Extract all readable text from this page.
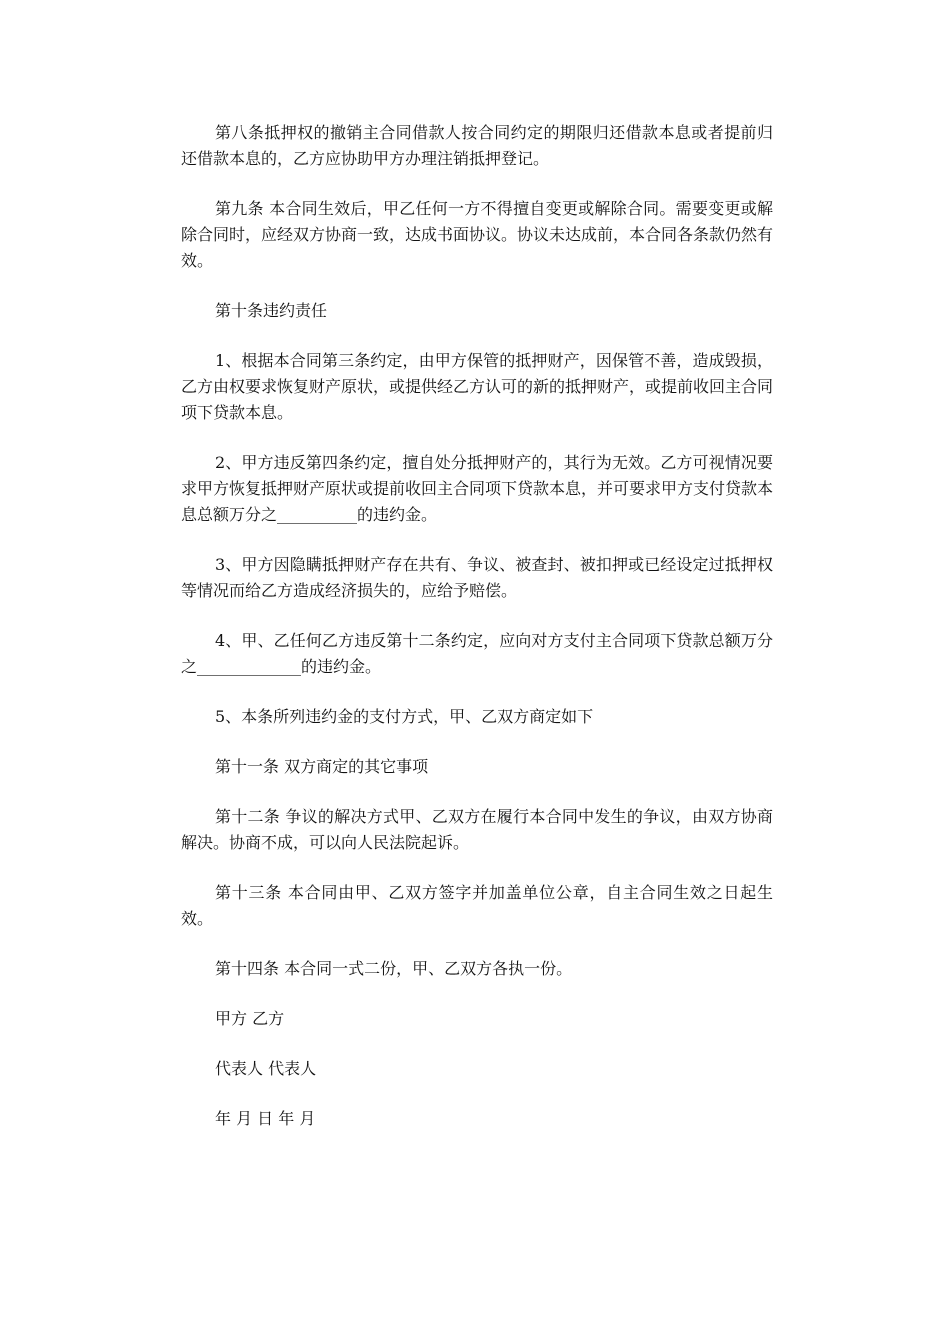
第八条抵押权的撤销主合同借款人按合同约定的期限归还借款本息或者提前归还借款本息的，乙方应协助甲方办理注销抵押登记。

第九条 本合同生效后，甲乙任何一方不得擅自变更或解除合同。需要变更或解除合同时，应经双方协商一致，达成书面协议。协议未达成前，本合同各条款仍然有效。

第十条违约责任

1、根据本合同第三条约定，由甲方保管的抵押财产，因保管不善，造成毁损，乙方由权要求恢复财产原状，或提供经乙方认可的新的抵押财产，或提前收回主合同项下贷款本息。

2、甲方违反第四条约定，擅自处分抵押财产的，其行为无效。乙方可视情况要求甲方恢复抵押财产原状或提前收回主合同项下贷款本息，并可要求甲方支付贷款本息总额万分之__________的违约金。

3、甲方因隐瞒抵押财产存在共有、争议、被查封、被扣押或已经设定过抵押权等情况而给乙方造成经济损失的，应给予赔偿。

4、甲、乙任何乙方违反第十二条约定，应向对方支付主合同项下贷款总额万分之_____________的违约金。

5、本条所列违约金的支付方式，甲、乙双方商定如下

第十一条 双方商定的其它事项

第十二条 争议的解决方式甲、乙双方在履行本合同中发生的争议，由双方协商解决。协商不成，可以向人民法院起诉。

第十三条 本合同由甲、乙双方签字并加盖单位公章，自主合同生效之日起生效。

第十四条 本合同一式二份，甲、乙双方各执一份。

甲方 乙方

代表人 代表人

年 月 日 年 月
